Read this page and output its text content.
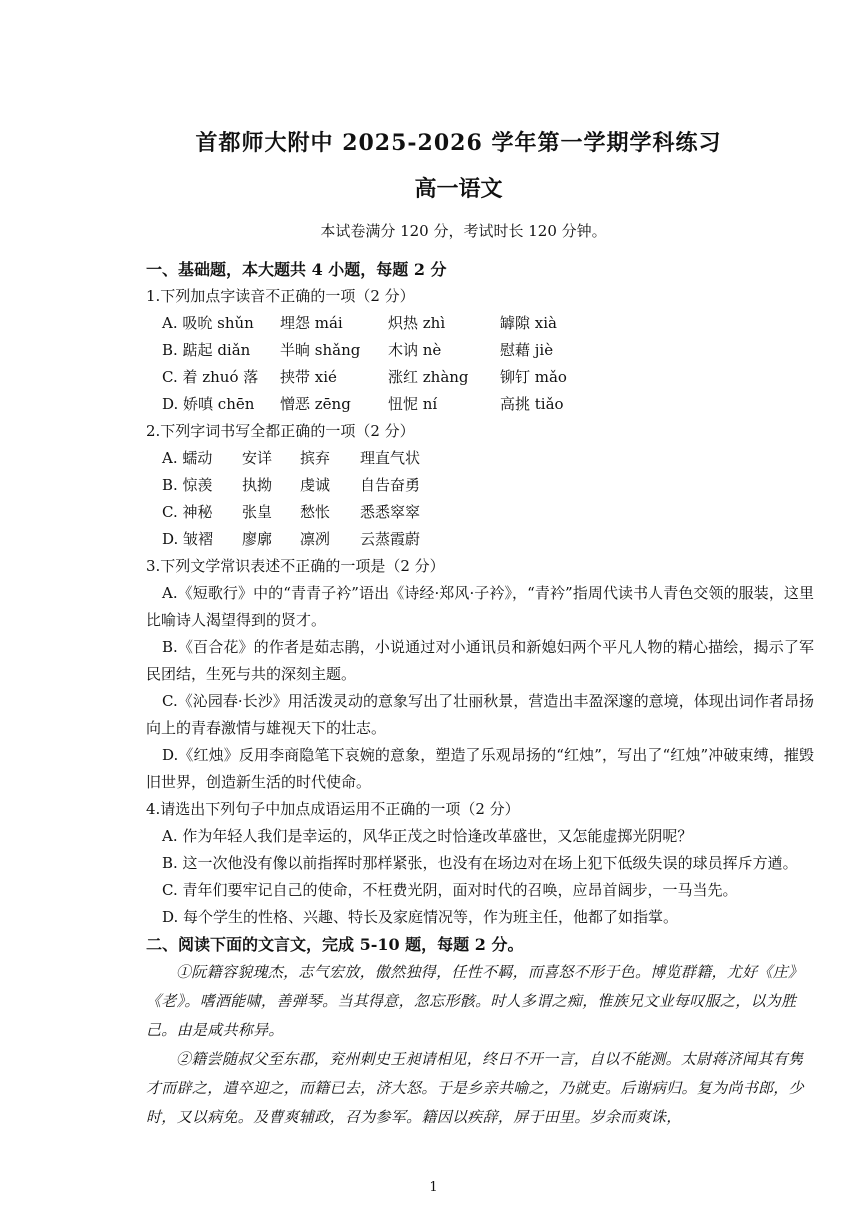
首都师大附中 2025-2026 学年第一学期学科练习
高一语文
本试卷满分 120 分，考试时长 120 分钟。
一、基础题，本大题共 4 小题，每题 2 分
1.下列加点字读音不正确的一项（2 分）
A. 吸吮 shǔn 埋怨 mái	炽热 zhì	罅隙 xià
B. 踮起 diǎn 半晌 shǎng 木讷 nè	慰藉 jiè
C. 着 zhuó 落 挟带 xié	涨红 zhàng 铆钉 mǎo
D. 娇嗔 chēn 憎恶 zēng 忸怩 ní	高挑 tiǎo
2.下列字词书写全都正确的一项（2 分）
A. 蠕动 安详 摈弃 理直气状
B. 惊羡 执拗 虔诚 自告奋勇
C. 神秘 张皇 愁怅 悉悉窣窣
D. 皱褶 廖廓 凛冽 云蒸霞蔚
3.下列文学常识表述不正确的一项是（2 分）

A.《短歌行》中的“青青子衿”语出《诗经·郑风·子衿》，“青衿”指周代读书人青色交领的服装，这里比喻诗人渴望得到的贤才。

B.《百合花》的作者是茹志鹃，小说通过对小通讯员和新媳妇两个平凡人物的精心描绘，揭示了军民团结，生死与共的深刻主题。

C.《沁园春·长沙》用活泼灵动的意象写出了壮丽秋景，营造出丰盈深邃的意境，体现出词作者昂扬向上的青春激情与雄视天下的壮志。

D.《红烛》反用李商隐笔下哀婉的意象，塑造了乐观昂扬的“红烛”，写出了“红烛”冲破束缚，摧毁旧世界，创造新生活的时代使命。

4.请选出下列句子中加点成语运用不正确的一项（2 分）

A. 作为年轻人我们是幸运的，风华正茂之时恰逢改革盛世，又怎能虚掷光阴呢？

B. 这一次他没有像以前指挥时那样紧张，也没有在场边对在场上犯下低级失误的球员挥斥方遒。

C. 青年们要牢记自己的使命，不枉费光阴，面对时代的召唤，应昂首阔步，一马当先。

D. 每个学生的性格、兴趣、特长及家庭情况等，作为班主任，他都了如指掌。

二、阅读下面的文言文，完成 5-10 题，每题 2 分。

①阮籍容貌瑰杰，志气宏放，傲然独得，任性不羁，而喜怒不形于色。博览群籍，尤好《庄》《老》。嗜酒能啸，善弹琴。当其得意，忽忘形骸。时人多谓之痴，惟族兄文业每叹服之，以为胜己。由是咸共称异。

②籍尝随叔父至东郡，兖州刺史王昶请相见，终日不开一言，自以不能测。太尉蒋济闻其有隽才而辟之，遣卒迎之，而籍已去，济大怒。于是乡亲共喻之，乃就吏。后谢病归。复为尚书郎，少时，又以病免。及曹爽辅政，召为参军。籍因以疾辞，屏于田里。岁余而爽诛，

1
